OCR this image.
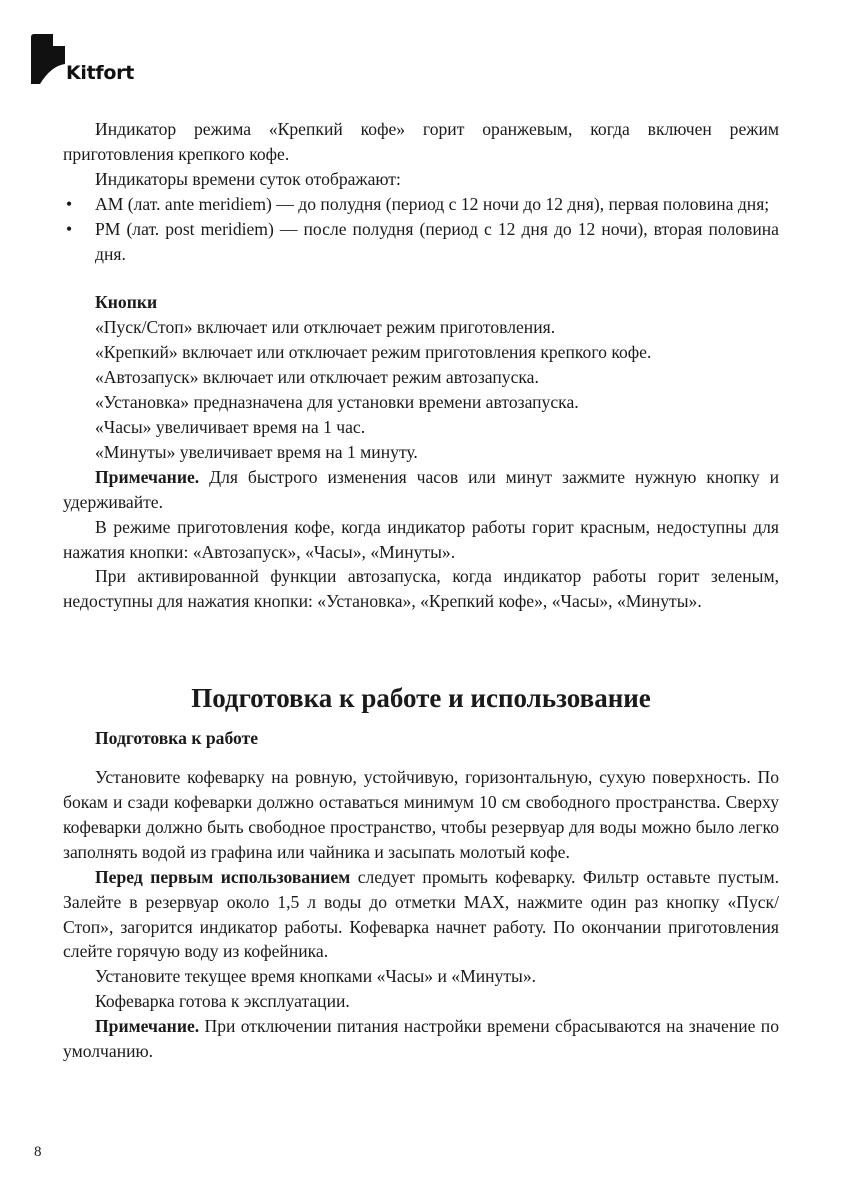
Kitfort

Индикатор режима «Крепкий кофе» горит оранжевым, когда включен режим приготовления крепкого кофе.

Индикаторы времени суток отображают:

• AM (лат. ante meridiem) — до полудня (период с 12 ночи до 12 дня), первая половина дня;
• PM (лат. post meridiem) — после полудня (период с 12 дня до 12 ночи), вторая половина дня.

Кнопки

«Пуск/Стоп» включает или отключает режим приготовления.

«Крепкий» включает или отключает режим приготовления крепкого кофе.

«Автозапуск» включает или отключает режим автозапуска.

«Установка» предназначена для установки времени автозапуска.

«Часы» увеличивает время на 1 час.

«Минуты» увеличивает время на 1 минуту.

Примечание. Для быстрого изменения часов или минут зажмите нужную кнопку и удерживайте.

В режиме приготовления кофе, когда индикатор работы горит красным, недоступны для нажатия кнопки: «Автозапуск», «Часы», «Минуты».

При активированной функции автозапуска, когда индикатор работы горит зеленым, недоступны для нажатия кнопки: «Установка», «Крепкий кофе», «Часы», «Минуты».

Подготовка к работе и использование

Подготовка к работе

Установите кофеварку на ровную, устойчивую, горизонтальную, сухую поверхность. По бокам и сзади кофеварки должно оставаться минимум 10 см свободного пространства. Сверху кофеварки должно быть свободное пространство, чтобы резервуар для воды можно было легко заполнять водой из графина или чайника и засыпать молотый кофе.

Перед первым использованием следует промыть кофеварку. Фильтр оставьте пустым. Залейте в резервуар около 1,5 л воды до отметки MAX, нажмите один раз кнопку «Пуск/Стоп», загорится индикатор работы. Кофеварка начнет работу. По окончании приготовления слейте горячую воду из кофейника.

Установите текущее время кнопками «Часы» и «Минуты».

Кофеварка готова к эксплуатации.

Примечание. При отключении питания настройки времени сбрасываются на значение по умолчанию.

8
